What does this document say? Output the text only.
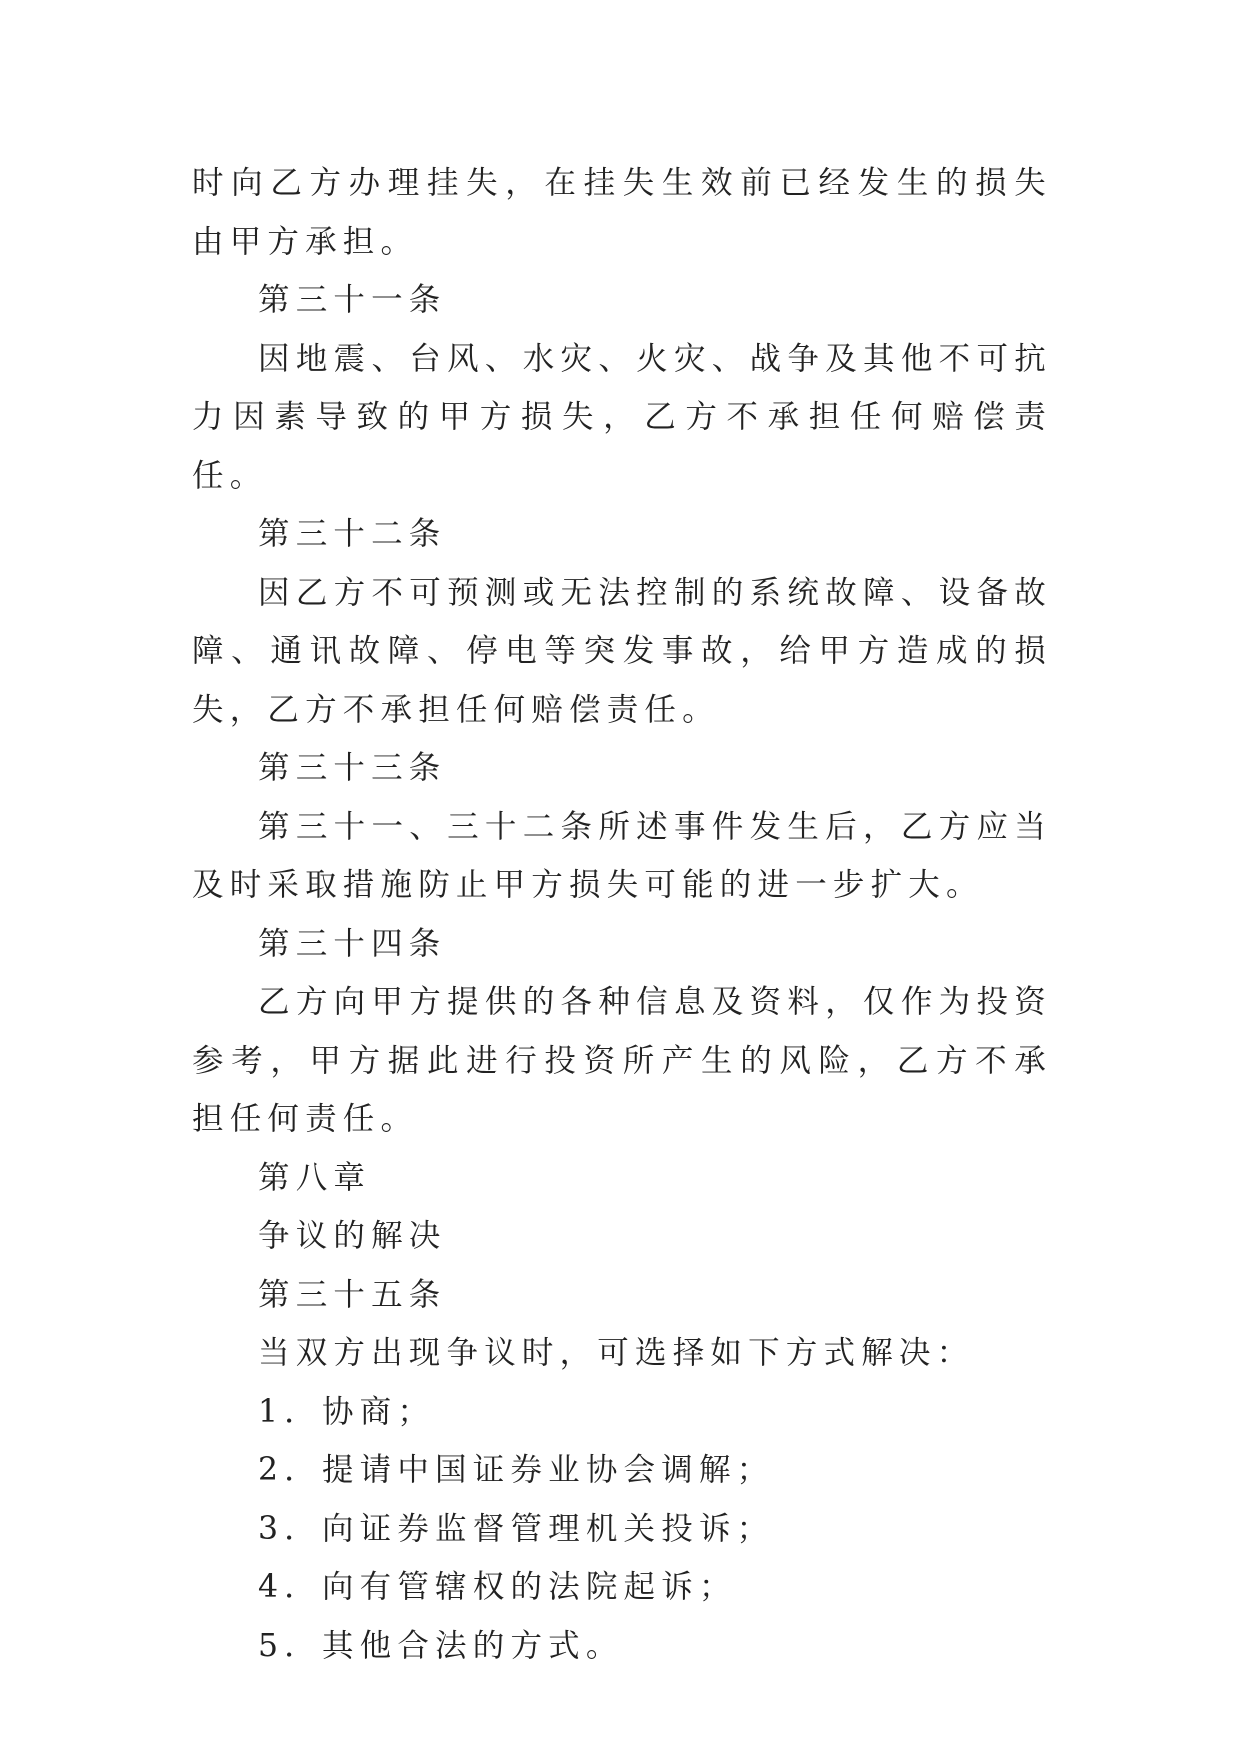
时向乙方办理挂失，在挂失生效前已经发生的损失由甲方承担。

第三十一条

因地震、台风、水灾、火灾、战争及其他不可抗力因素导致的甲方损失，乙方不承担任何赔偿责任。

第三十二条

因乙方不可预测或无法控制的系统故障、设备故障、通讯故障、停电等突发事故，给甲方造成的损失，乙方不承担任何赔偿责任。

第三十三条

第三十一、三十二条所述事件发生后，乙方应当及时采取措施防止甲方损失可能的进一步扩大。

第三十四条

乙方向甲方提供的各种信息及资料，仅作为投资参考，甲方据此进行投资所产生的风险，乙方不承担任何责任。

第八章

争议的解决

第三十五条

当双方出现争议时，可选择如下方式解决：

1．协商；

2．提请中国证券业协会调解；

3．向证券监督管理机关投诉；

4．向有管辖权的法院起诉；

5．其他合法的方式。
